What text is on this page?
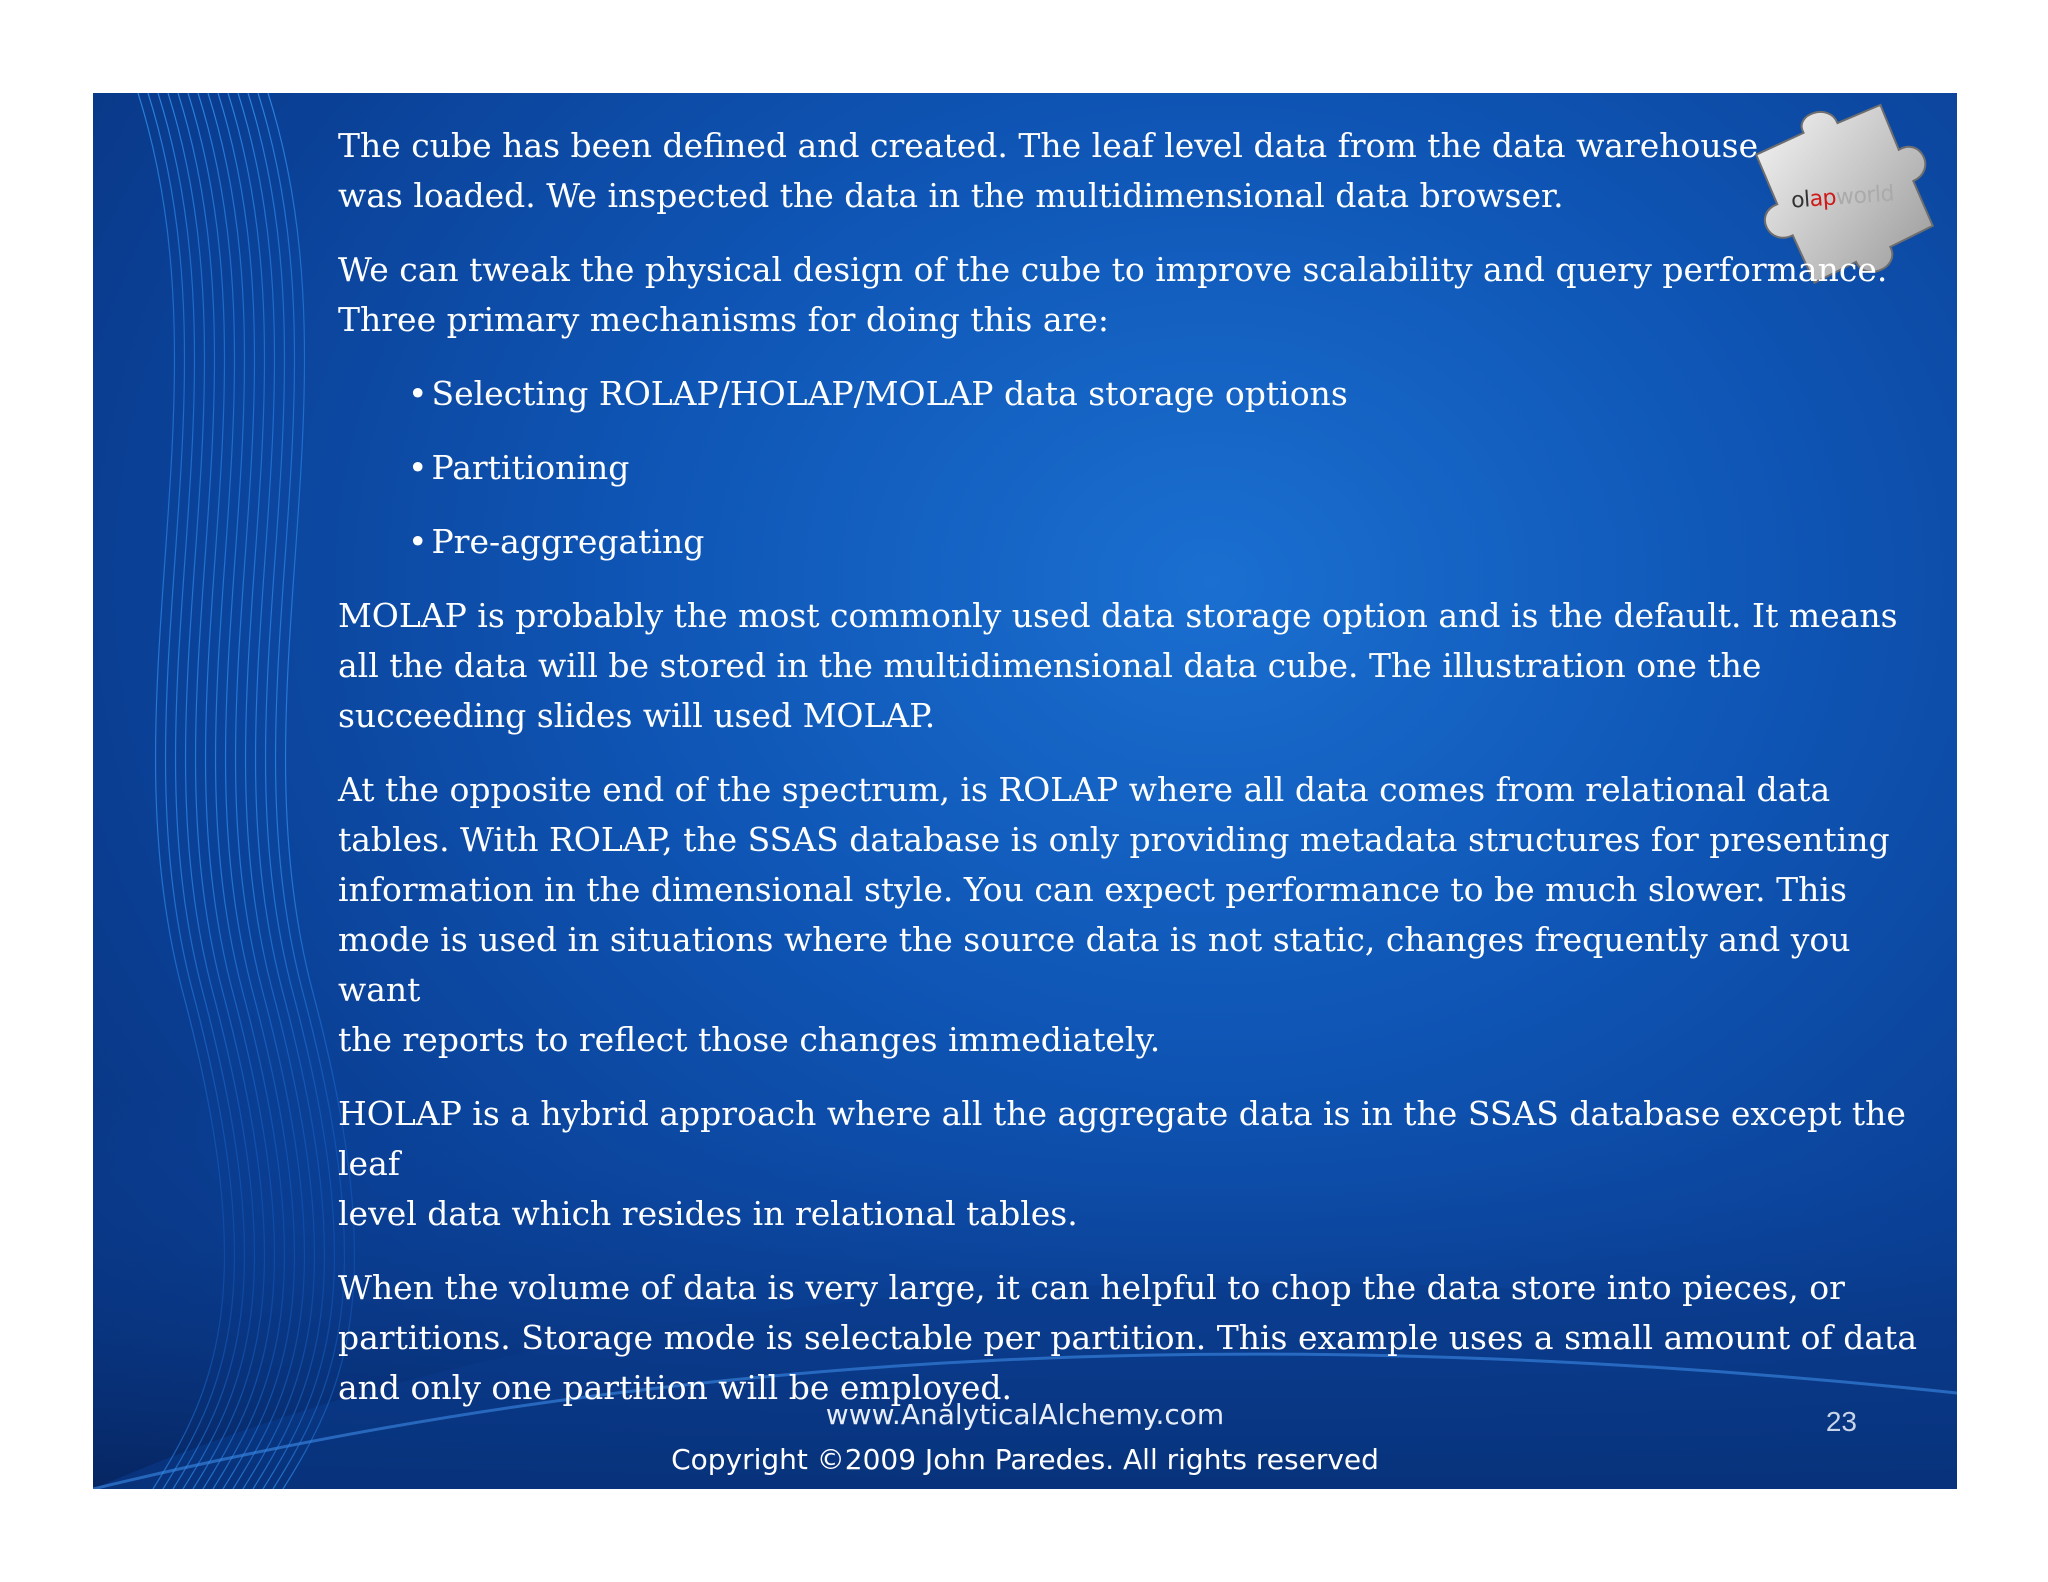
olapworld

The cube has been defined and created. The leaf level data from the data warehouse
was loaded. We inspected the data in the multidimensional data browser.

We can tweak the physical design of the cube to improve scalability and query performance.
Three primary mechanisms for doing this are:

• Selecting ROLAP/HOLAP/MOLAP data storage options

• Partitioning

• Pre-aggregating

MOLAP is probably the most commonly used data storage option and is the default. It means
all the data will be stored in the multidimensional data cube. The illustration one the
succeeding slides will used MOLAP.

At the opposite end of the spectrum, is ROLAP where all data comes from relational data
tables. With ROLAP, the SSAS database is only providing metadata structures for presenting
information in the dimensional style. You can expect performance to be much slower. This
mode is used in situations where the source data is not static, changes frequently and you want
the reports to reflect those changes immediately.

HOLAP is a hybrid approach where all the aggregate data is in the SSAS database except the leaf
level data which resides in relational tables.

When the volume of data is very large, it can helpful to chop the data store into pieces, or
partitions. Storage mode is selectable per partition. This example uses a small amount of data
and only one partition will be employed.

www.AnalyticalAlchemy.com
Copyright ©2009 John Paredes. All rights reserved
23
